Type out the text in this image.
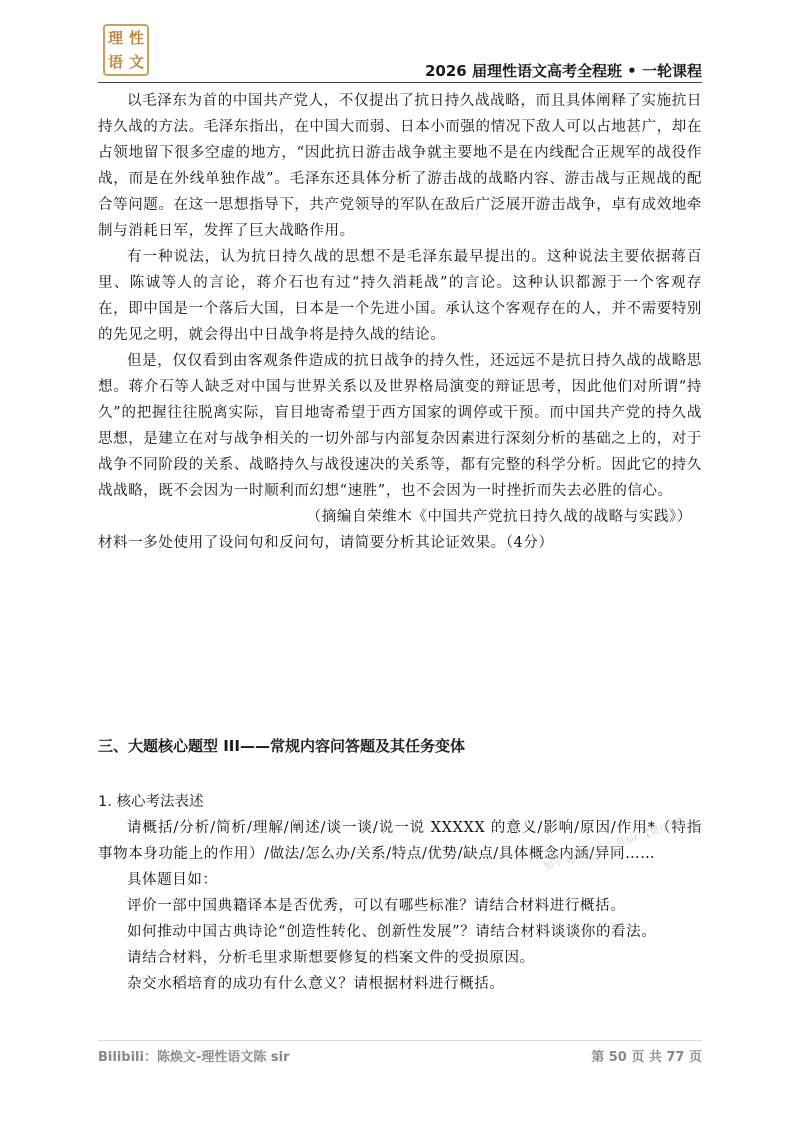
理 性
语 文
2026 届理性语文高考全程班 • 一轮课程

以毛泽东为首的中国共产党人，不仅提出了抗日持久战战略，而且具体阐释了实施抗日持久战的方法。毛泽东指出，在中国大而弱、日本小而强的情况下敌人可以占地甚广，却在占领地留下很多空虚的地方，“因此抗日游击战争就主要地不是在内线配合正规军的战役作战，而是在外线单独作战”。毛泽东还具体分析了游击战的战略内容、游击战与正规战的配合等问题。在这一思想指导下，共产党领导的军队在敌后广泛展开游击战争，卓有成效地牵制与消耗日军，发挥了巨大战略作用。

有一种说法，认为抗日持久战的思想不是毛泽东最早提出的。这种说法主要依据蒋百里、陈诚等人的言论，蒋介石也有过“持久消耗战”的言论。这种认识都源于一个客观存在，即中国是一个落后大国，日本是一个先进小国。承认这个客观存在的人，并不需要特别的先见之明，就会得出中日战争将是持久战的结论。

但是，仅仅看到由客观条件造成的抗日战争的持久性，还远远不是抗日持久战的战略思想。蒋介石等人缺乏对中国与世界关系以及世界格局演变的辩证思考，因此他们对所谓“持久”的把握往往脱离实际，盲目地寄希望于西方国家的调停或干预。而中国共产党的持久战思想，是建立在对与战争相关的一切外部与内部复杂因素进行深刻分析的基础之上的，对于战争不同阶段的关系、战略持久与战役速决的关系等，都有完整的科学分析。因此它的持久战战略，既不会因为一时顺利而幻想“速胜”，也不会因为一时挫折而失去必胜的信心。

（摘编自荣维木《中国共产党抗日持久战的战略与实践》）

材料一多处使用了设问句和反问句，请简要分析其论证效果。（4分）

三、大题核心题型 III——常规内容问答题及其任务变体
1. 核心考法表述

请概括/分析/简析/理解/阐述/谈一谈/说一说 XXXXX 的意义/影响/原因/作用*（特指事物本身功能上的作用）/做法/怎么办/关系/特点/优势/缺点/具体概念内涵/异同……

具体题目如：

评价一部中国典籍译本是否优秀，可以有哪些标准？请结合材料进行概括。

如何推动中国古典诗论“创造性转化、创新性发展”？请结合材料谈谈你的看法。

请结合材料，分析毛里求斯想要修复的档案文件的受损原因。

杂交水稻培育的成功有什么意义？请根据材料进行概括。

知乎 @理性语文 陈sir 【微信号】
Bilibili：陈焕文-理性语文陈 sir	第 50 页 共 77 页
